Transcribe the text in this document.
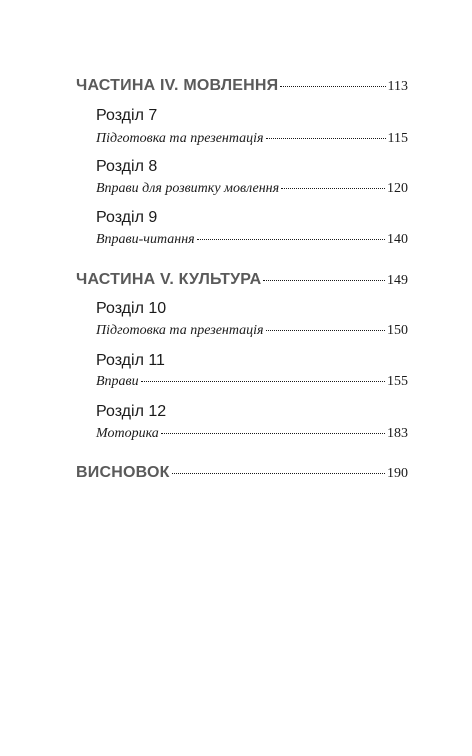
ЧАСТИНА IV. МОВЛЕННЯ	113
Розділ 7
Підготовка та презентація	115
Розділ 8
Вправи для розвитку мовлення	120
Розділ 9
Вправи-читання	140
ЧАСТИНА V. КУЛЬТУРА	149
Розділ 10
Підготовка та презентація	150
Розділ 11
Вправи	155
Розділ 12
Моторика	183
ВИСНОВОК	190
